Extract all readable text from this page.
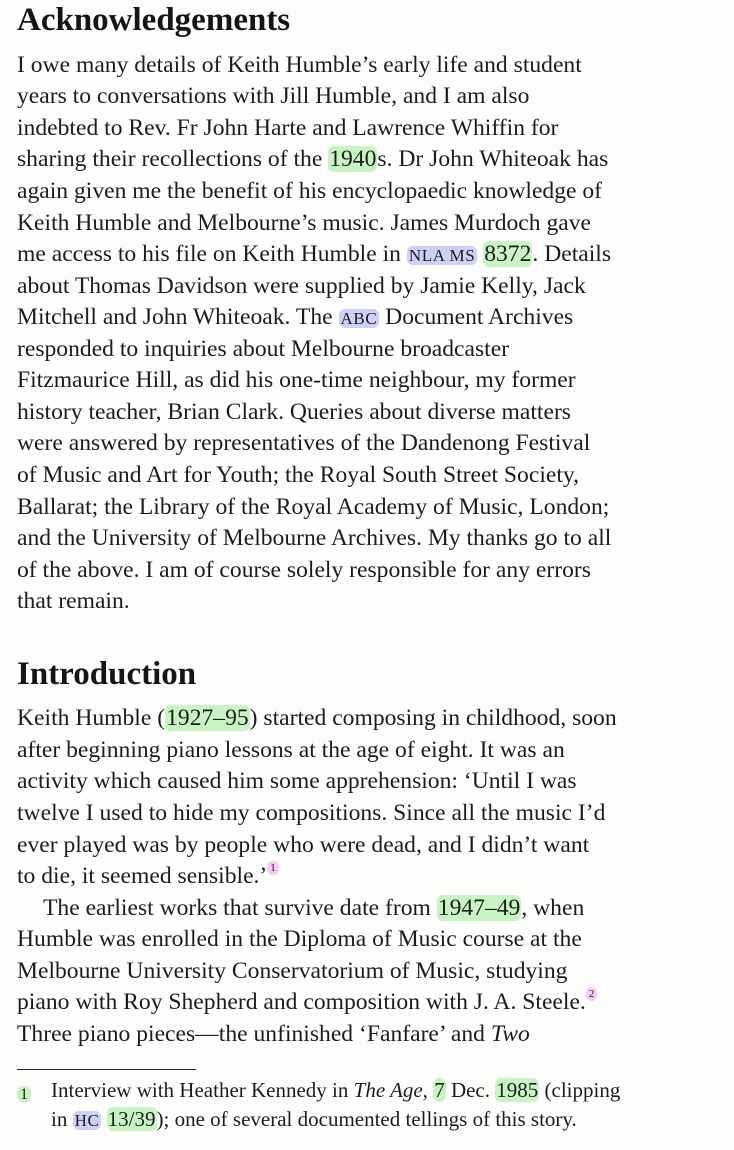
Acknowledgements

I owe many details of Keith Humble’s early life and student

years to conversations with Jill Humble, and I am also

indebted to Rev. Fr John Harte and Lawrence Whiffin for

sharing their recollections of the 1940s. Dr John Whiteoak has

again given me the benefit of his encyclopaedic knowledge of

Keith Humble and Melbourne’s music. James Murdoch gave

me access to his file on Keith Humble in NLA MS 8372. Details

about Thomas Davidson were supplied by Jamie Kelly, Jack

Mitchell and John Whiteoak. The ABC Document Archives

responded to inquiries about Melbourne broadcaster

Fitzmaurice Hill, as did his one-time neighbour, my former

history teacher, Brian Clark. Queries about diverse matters

were answered by representatives of the Dandenong Festival

of Music and Art for Youth; the Royal South Street Society,

Ballarat; the Library of the Royal Academy of Music, London;

and the University of Melbourne Archives. My thanks go to all

of the above. I am of course solely responsible for any errors

that remain.

Introduction

Keith Humble (1927–95) started composing in childhood, soon

after beginning piano lessons at the age of eight. It was an

activity which caused him some apprehension: ‘Until I was

twelve I used to hide my compositions. Since all the music I’d

ever played was by people who were dead, and I didn’t want

to die, it seemed sensible.’ 1

The earliest works that survive date from 1947–49, when

Humble was enrolled in the Diploma of Music course at the

Melbourne University Conservatorium of Music, studying

piano with Roy Shepherd and composition with J. A. Steele. 2

Three piano pieces—the unfinished ‘Fanfare’ and Two

1 Interview with Heather Kennedy in The Age, 7 Dec. 1985 (clipping

in HC 13/39); one of several documented tellings of this story.
